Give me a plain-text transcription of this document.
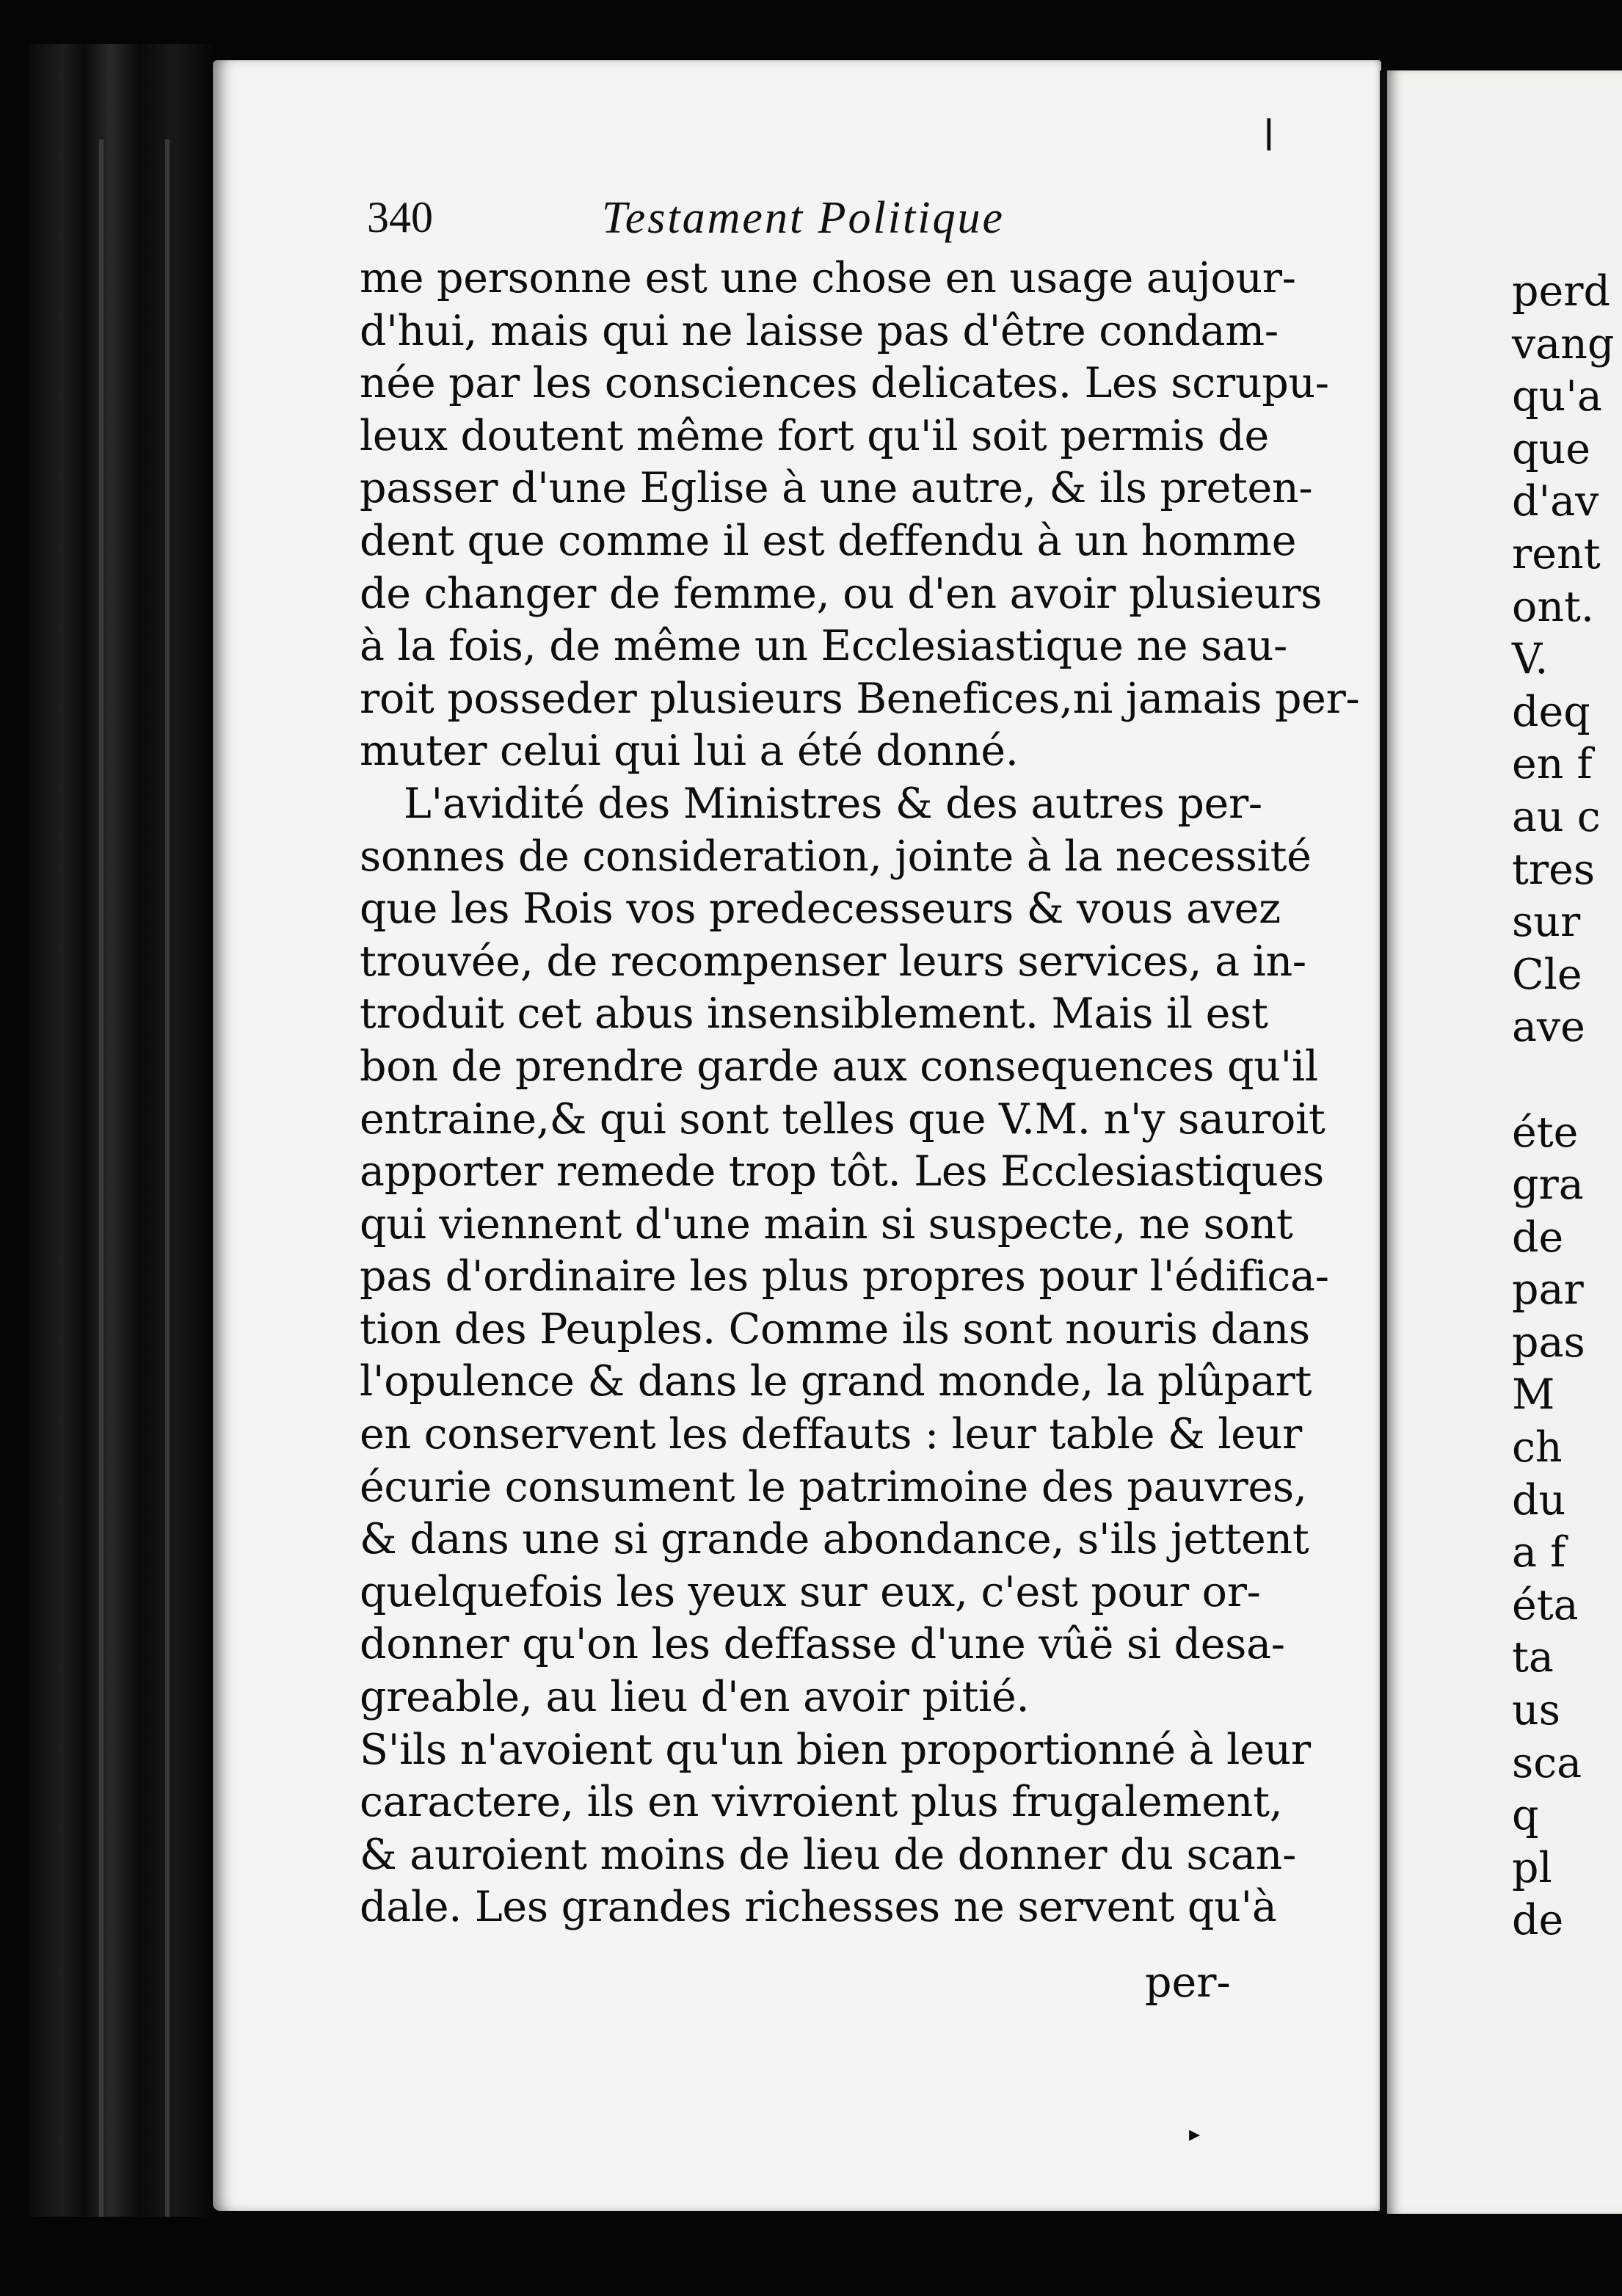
340	Testament Politique
me personne est une chose en usage aujour-
d'hui, mais qui ne laisse pas d'être condam-
née par les consciences delicates. Les scrupu-
leux doutent même fort qu'il soit permis de
passer d'une Eglise à une autre, & ils preten-
dent que comme il est deffendu à un homme
de changer de femme, ou d'en avoir plusieurs
à la fois, de même un Ecclesiastique ne sau-
roit posseder plusieurs Benefices,ni jamais per-
muter celui qui lui a été donné.
L'avidité des Ministres & des autres per-
sonnes de consideration, jointe à la necessité
que les Rois vos predecesseurs & vous avez
trouvée, de recompenser leurs services, a in-
troduit cet abus insensiblement. Mais il est
bon de prendre garde aux consequences qu'il
entraine,& qui sont telles que V.M. n'y sauroit
apporter remede trop tôt. Les Ecclesiastiques
qui viennent d'une main si suspecte, ne sont
pas d'ordinaire les plus propres pour l'édifica-
tion des Peuples. Comme ils sont nouris dans
l'opulence & dans le grand monde, la plûpart
en conservent les deffauts : leur table & leur
écurie consument le patrimoine des pauvres,
& dans une si grande abondance, s'ils jettent
quelquefois les yeux sur eux, c'est pour or-
donner qu'on les deffasse d'une vûë si desa-
greable, au lieu d'en avoir pitié.
S'ils n'avoient qu'un bien proportionné à leur
caractere, ils en vivroient plus frugalement,
& auroient moins de lieu de donner du scan-
dale. Les grandes richesses ne servent qu'à
per-
perd
vang
qu'a
que
d'av
rent
ont.
V.
deq
en f
au c
tres
sur
Cle
ave
éte
gra
de
par
pas
M
ch
du
a f
éta
ta
us
sca
q
pl
de
ǀ
▸
